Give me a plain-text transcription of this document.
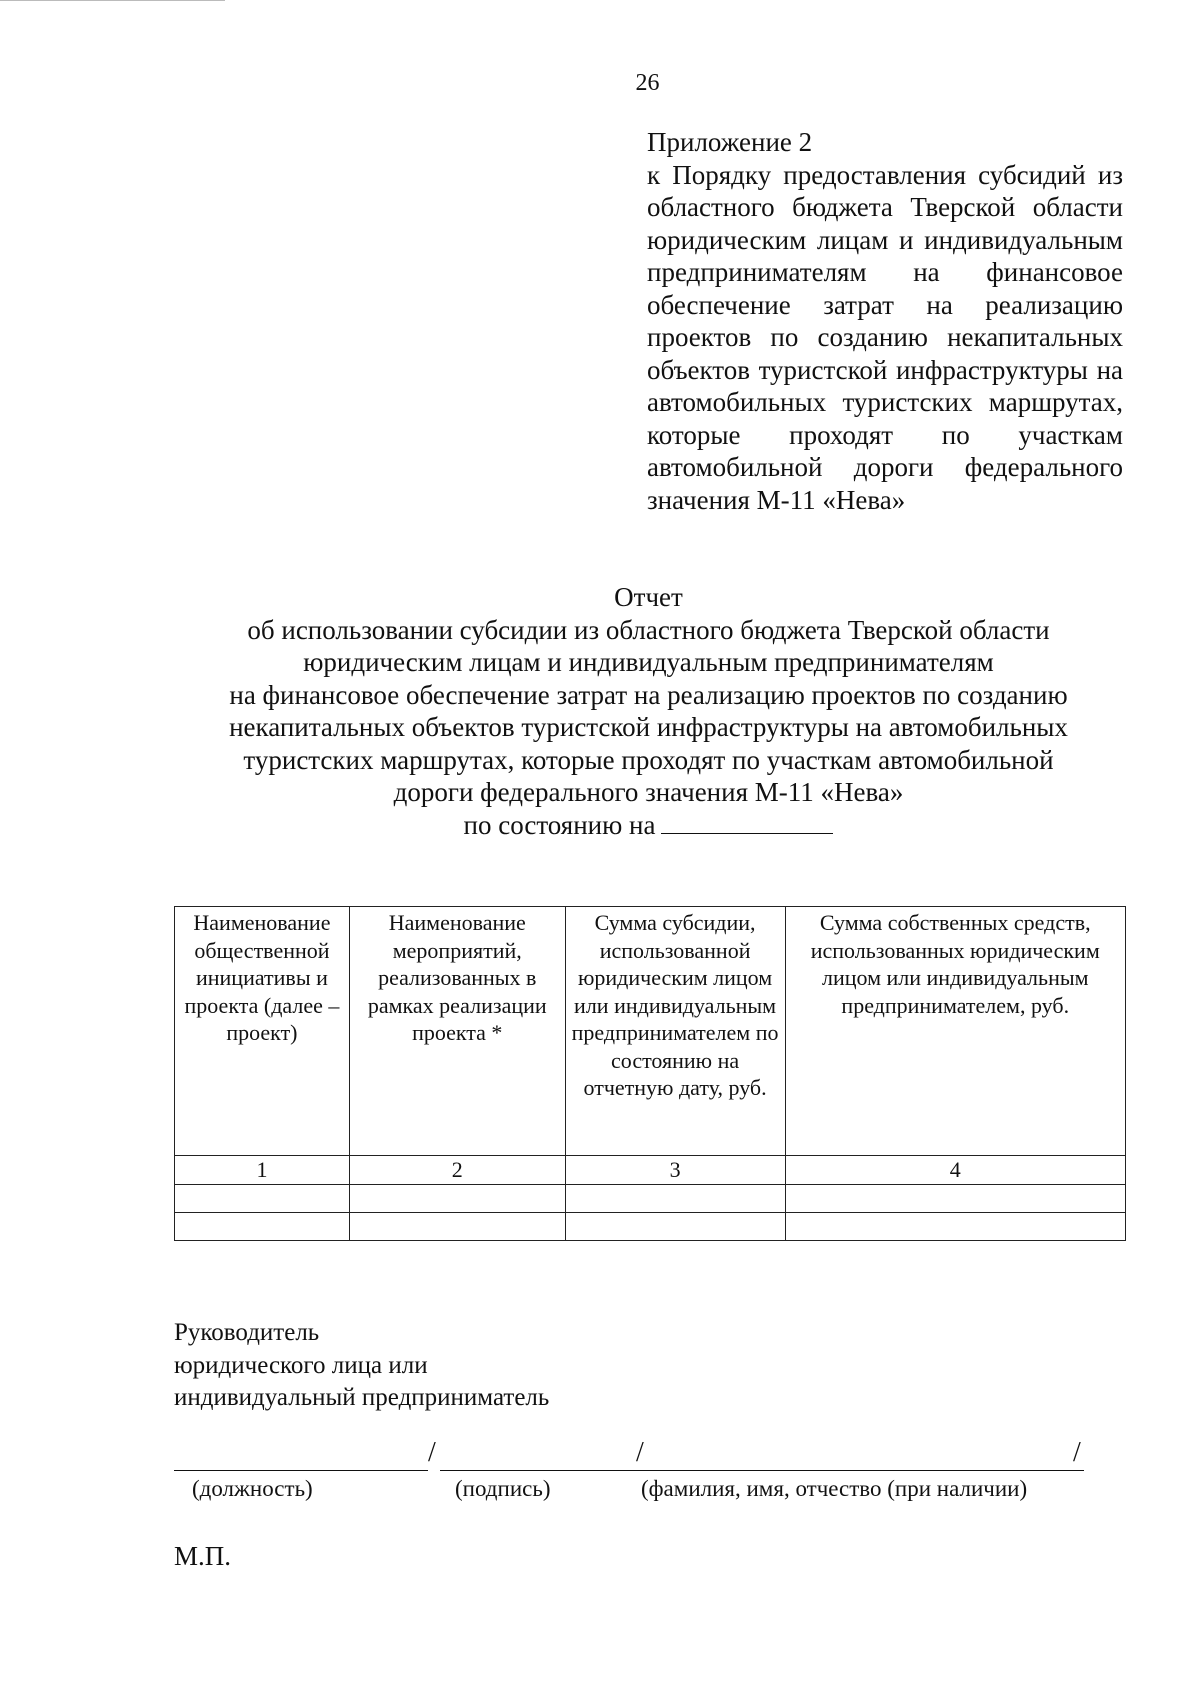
26
Приложение 2
к Порядку предоставления субсидий из областного бюджета Тверской области юридическим лицам и индивидуальным предпринимателям на финансовое обеспечение затрат на реализацию проектов по созданию некапитальных объектов туристской инфраструктуры на автомобильных туристских маршрутах, которые проходят по участкам автомобильной дороги федерального значения М-11 «Нева»
Отчет
об использовании субсидии из областного бюджета Тверской области
юридическим лицам и индивидуальным предпринимателям
на финансовое обеспечение затрат на реализацию проектов по созданию
некапитальных объектов туристской инфраструктуры на автомобильных
туристских маршрутах, которые проходят по участкам автомобильной
дороги федерального значения М-11 «Нева»
по состоянию на
Наименование общественной инициативы и проекта (далее – проект)	Наименование мероприятий, реализованных в рамках реализации проекта *	Сумма субсидии, использованной юридическим лицом или индивидуальным предпринимателем по состоянию на отчетную дату, руб.	Сумма собственных средств, использованных юридическим лицом или индивидуальным предпринимателем, руб.
1	2	3	4

Руководитель
юридического лица или
индивидуальный предприниматель
/	/	/
(должность)	(подпись)	(фамилия, имя, отчество (при наличии)
М.П.
